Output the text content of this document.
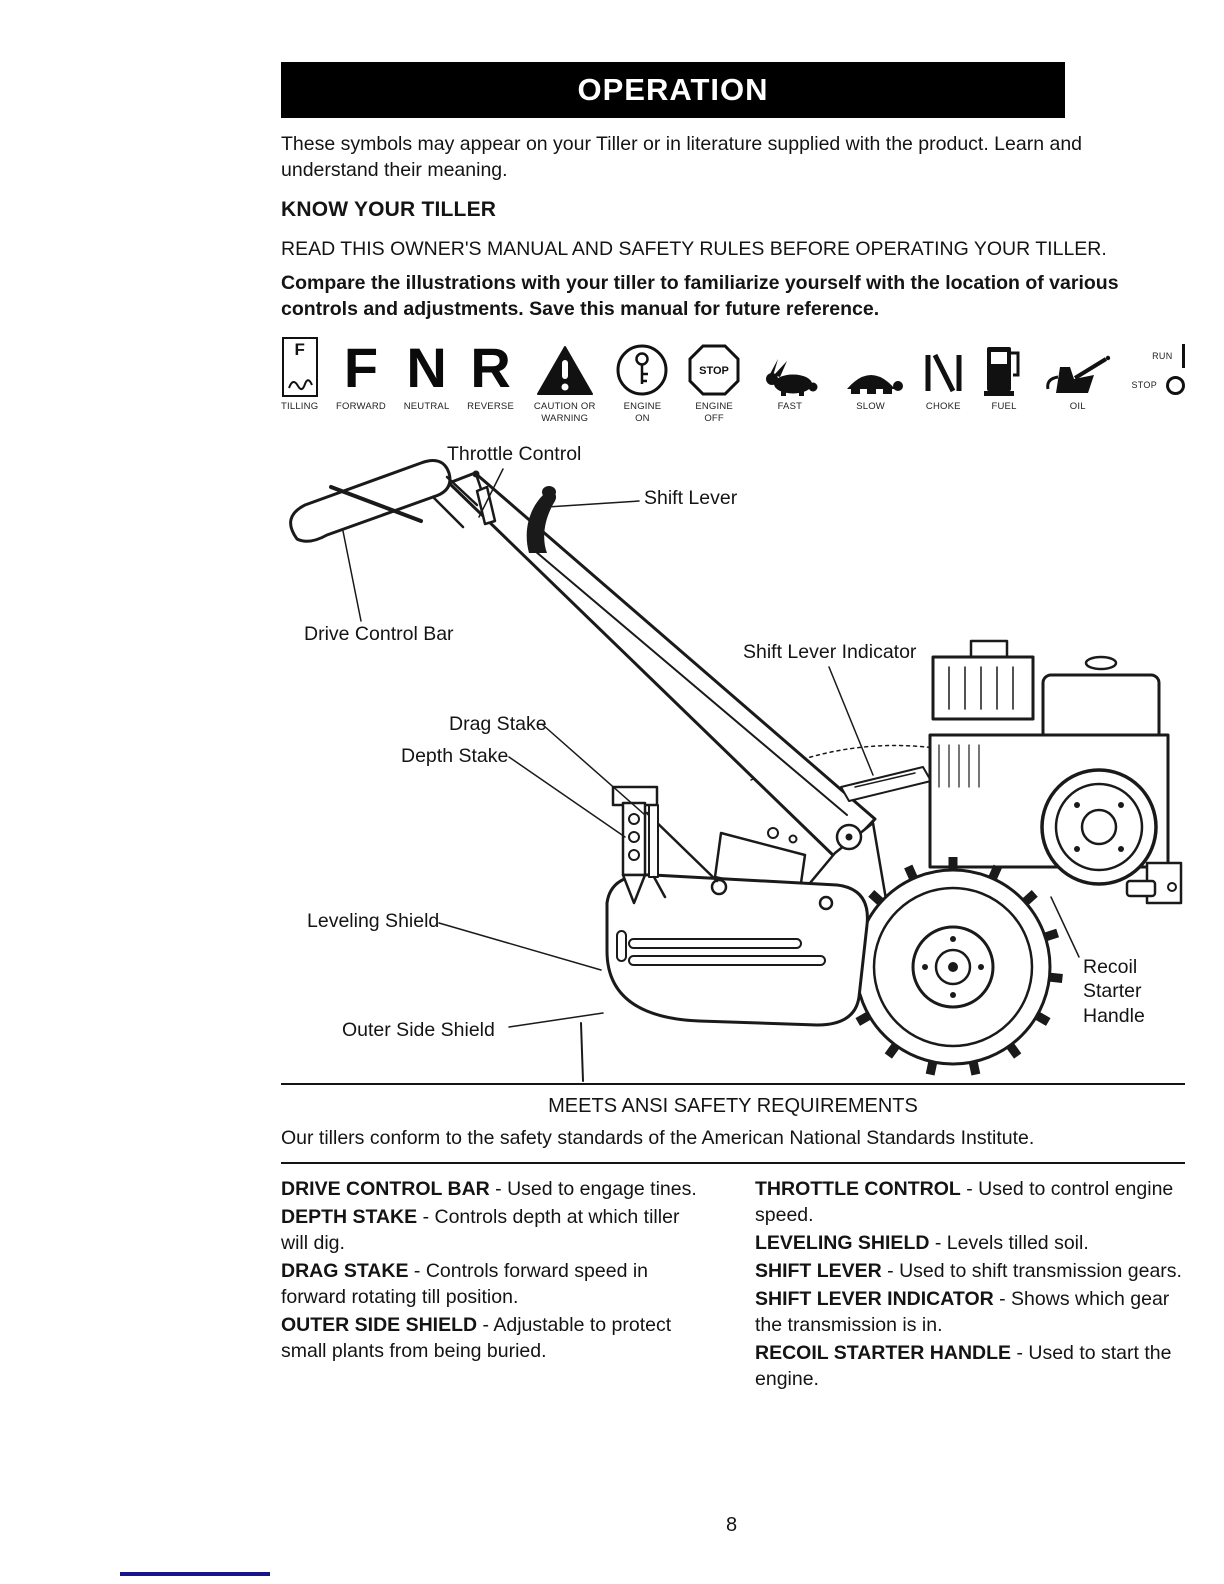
OPERATION

These symbols may appear on your Tiller or in literature supplied with the product. Learn and understand their meaning.

KNOW YOUR TILLER

READ THIS OWNER'S MANUAL AND SAFETY RULES BEFORE OPERATING YOUR TILLER.

Compare the illustrations with your tiller to familiarize yourself with the location of various controls and adjustments. Save this manual for future reference.

F
TILLING
F
FORWARD
N
NEUTRAL
R
REVERSE CAUTION OR WARNING
ENGINE ON
STOP
ENGINE OFF
FAST	SLOW	CHOKE	FUEL	OIL
RUN
STOP
Throttle Control
Shift Lever
Drive Control Bar
Shift Lever Indicator
Drag Stake
Depth Stake
Leveling Shield
Outer Side Shield
Recoil Starter Handle
MEETS ANSI SAFETY REQUIREMENTS
Our tillers conform to the safety standards of the American National Standards Institute.

DRIVE CONTROL BAR - Used to engage tines.

DEPTH STAKE - Controls depth at which tiller will dig.

DRAG STAKE - Controls forward speed in forward rotating till position.

OUTER SIDE SHIELD - Adjustable to protect small plants from being buried.

THROTTLE CONTROL - Used to control engine speed.

LEVELING SHIELD - Levels tilled soil.

SHIFT LEVER - Used to shift transmission gears.

SHIFT LEVER INDICATOR - Shows which gear the transmission is in.

RECOIL STARTER HANDLE - Used to start the engine.

8
